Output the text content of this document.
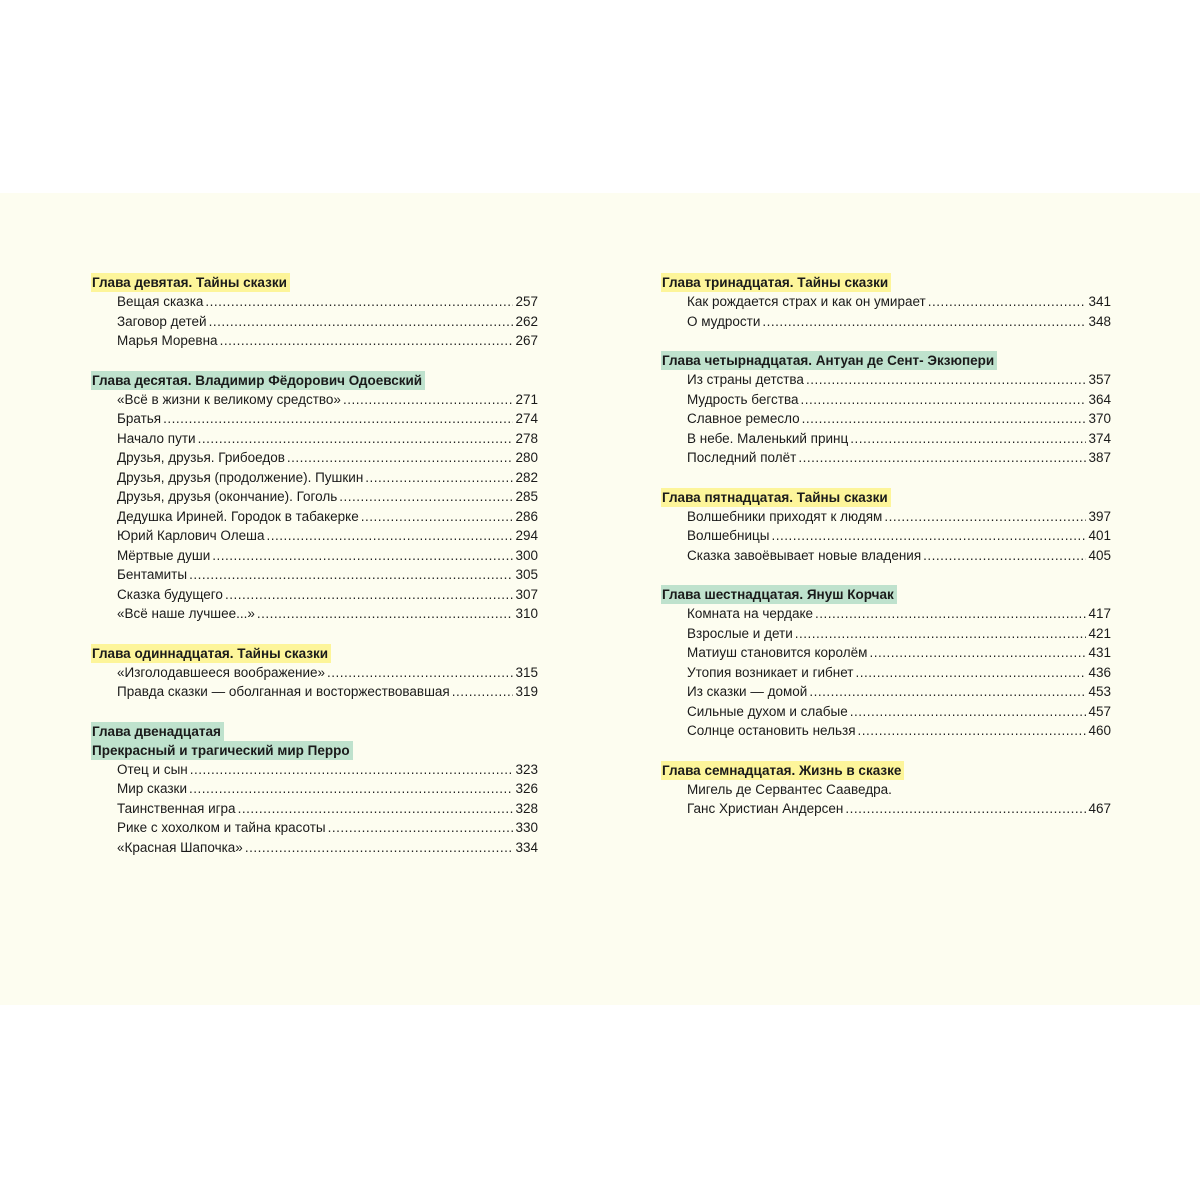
Глава девятая. Тайны сказки
Вещая сказка .....	257
Заговор детей .....	262
Марья Моревна .....	267
Глава десятая. Владимир Фёдорович Одоевский
«Всё в жизни к великому средство» .....	271
Братья .....	274
Начало пути .....	278
Друзья, друзья. Грибоедов .....	280
Друзья, друзья (продолжение). Пушкин .....	282
Друзья, друзья (окончание). Гоголь .....	285
Дедушка Ириней. Городок в табакерке .....	286
Юрий Карлович Олеша .....	294
Мёртвые души .....	300
Бентамиты .....	305
Сказка будущего .....	307
«Всё наше лучшее...» .....	310
Глава одиннадцатая. Тайны сказки
«Изголодавшееся воображение» .....	315
Правда сказки — оболганная и восторжествовавшая .....	319
Глава двенадцатая
Прекрасный и трагический мир Перро
Отец и сын .....	323
Мир сказки .....	326
Таинственная игра .....	328
Рике с хохолком и тайна красоты .....	330
«Красная Шапочка» .....	334
Глава тринадцатая. Тайны сказки
Как рождается страх и как он умирает .....	341
О мудрости .....	348
Глава четырнадцатая. Антуан де Сент- Экзюпери
Из страны детства .....	357
Мудрость бегства .....	364
Славное ремесло .....	370
В небе. Маленький принц .....	374
Последний полёт .....	387
Глава пятнадцатая. Тайны сказки
Волшебники приходят к людям .....	397
Волшебницы .....	401
Сказка завоёвывает новые владения .....	405
Глава шестнадцатая. Януш Корчак
Комната на чердаке .....	417
Взрослые и дети .....	421
Матиуш становится королём .....	431
Утопия возникает и гибнет .....	436
Из сказки — домой .....	453
Сильные духом и слабые .....	457
Солнце остановить нельзя .....	460
Глава семнадцатая. Жизнь в сказке
Мигель де Сервантес Сааведра.
Ганс Христиан Андерсен .....	467
